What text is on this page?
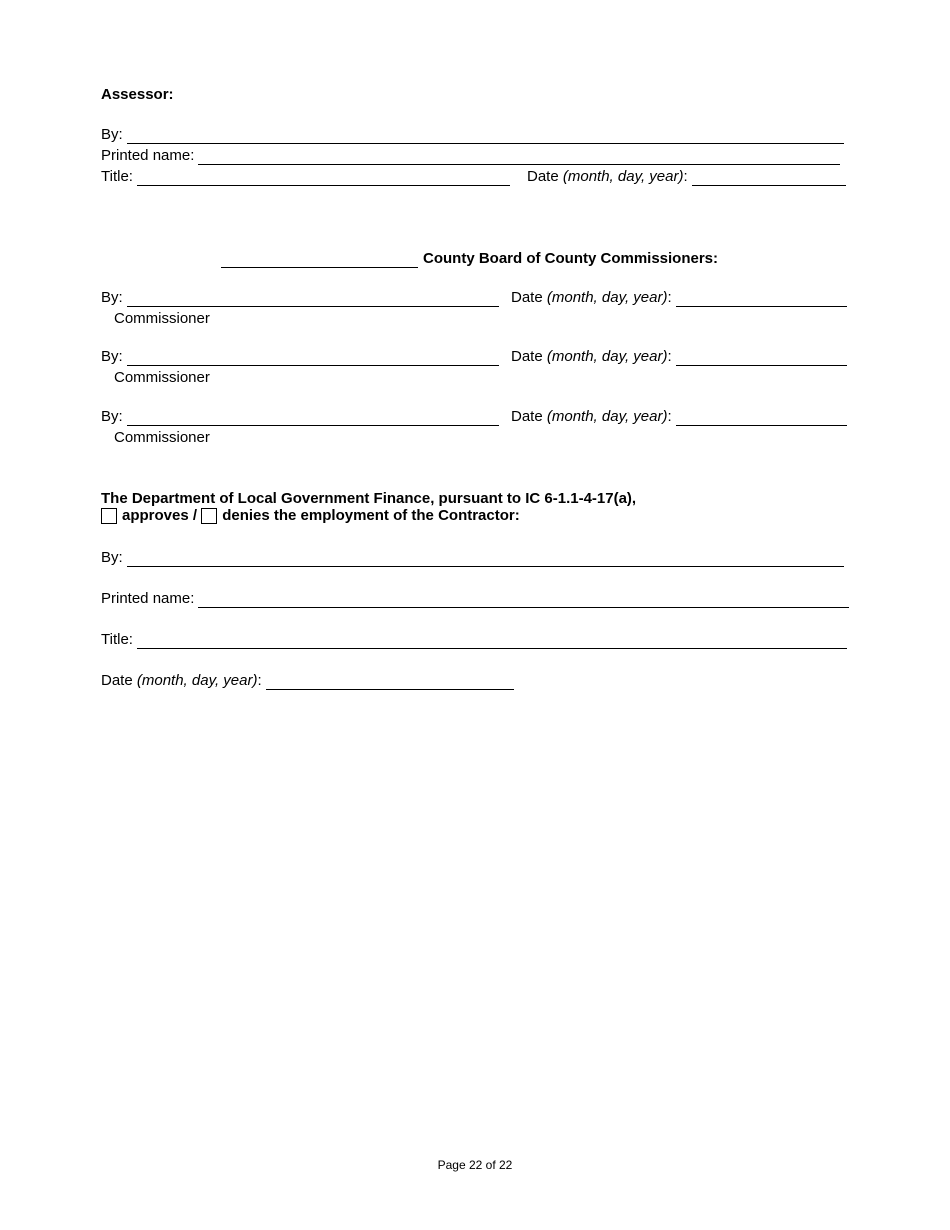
Assessor:
By:
Printed name:
Title:	Date
(month, day, year) :
County Board of County Commissioners:
By:	Date
(month, day, year) :
Commissioner
By:	Date
(month, day, year) :
Commissioner
By:	Date
(month, day, year) :
Commissioner
The Department of Local Government Finance, pursuant to IC 6-1.1-4-17(a),
approves /
denies the employment of the Contractor:
By:
Printed name:
Title:
Date
(month, day, year) :
Page 22 of 22
